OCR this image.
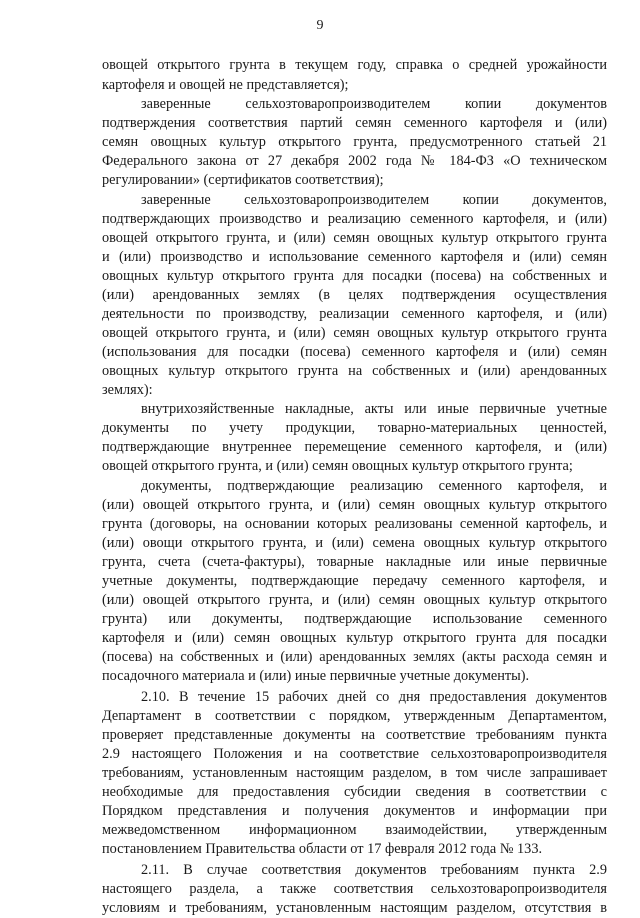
9
овощей открытого грунта в текущем году, справка о средней урожайности
картофеля и овощей не представляется);
заверенные сельхозтоваропроизводителем копии документов
подтверждения соответствия партий семян семенного картофеля и (или)
семян овощных культур открытого грунта, предусмотренного статьей 21
Федерального закона от 27 декабря 2002 года № 184-ФЗ «О техническом
регулировании» (сертификатов соответствия);
заверенные сельхозтоваропроизводителем копии документов,
подтверждающих производство и реализацию семенного картофеля, и (или)
овощей открытого грунта, и (или) семян овощных культур открытого грунта
и (или) производство и использование семенного картофеля и (или) семян
овощных культур открытого грунта для посадки (посева) на собственных и
(или) арендованных землях (в целях подтверждения осуществления
деятельности по производству, реализации семенного картофеля, и (или)
овощей открытого грунта, и (или) семян овощных культур открытого грунта
(использования для посадки (посева) семенного картофеля и (или) семян
овощных культур открытого грунта на собственных и (или) арендованных
землях):
внутрихозяйственные накладные, акты или иные первичные учетные
документы по учету продукции, товарно-материальных ценностей,
подтверждающие внутреннее перемещение семенного картофеля, и (или)
овощей открытого грунта, и (или) семян овощных культур открытого грунта;
документы, подтверждающие реализацию семенного картофеля, и
(или) овощей открытого грунта, и (или) семян овощных культур открытого
грунта (договоры, на основании которых реализованы семенной картофель, и
(или) овощи открытого грунта, и (или) семена овощных культур открытого
грунта, счета (счета-фактуры), товарные накладные или иные первичные
учетные документы, подтверждающие передачу семенного картофеля, и
(или) овощей открытого грунта, и (или) семян овощных культур открытого
грунта) или документы, подтверждающие использование семенного
картофеля и (или) семян овощных культур открытого грунта для посадки
(посева) на собственных и (или) арендованных землях (акты расхода семян и
посадочного материала и (или) иные первичные учетные документы).
2.10. В течение 15 рабочих дней со дня предоставления документов
Департамент в соответствии с порядком, утвержденным Департаментом,
проверяет представленные документы на соответствие требованиям пункта
2.9 настоящего Положения и на соответствие сельхозтоваропроизводителя
требованиям, установленным настоящим разделом, в том числе запрашивает
необходимые для предоставления субсидии сведения в соответствии с
Порядком представления и получения документов и информации при
межведомственном информационном взаимодействии, утвержденным
постановлением Правительства области от 17 февраля 2012 года № 133.
2.11. В случае соответствия документов требованиям пункта 2.9
настоящего раздела, а также соответствия сельхозтоваропроизводителя
условиям и требованиям, установленным настоящим разделом, отсутствия в
